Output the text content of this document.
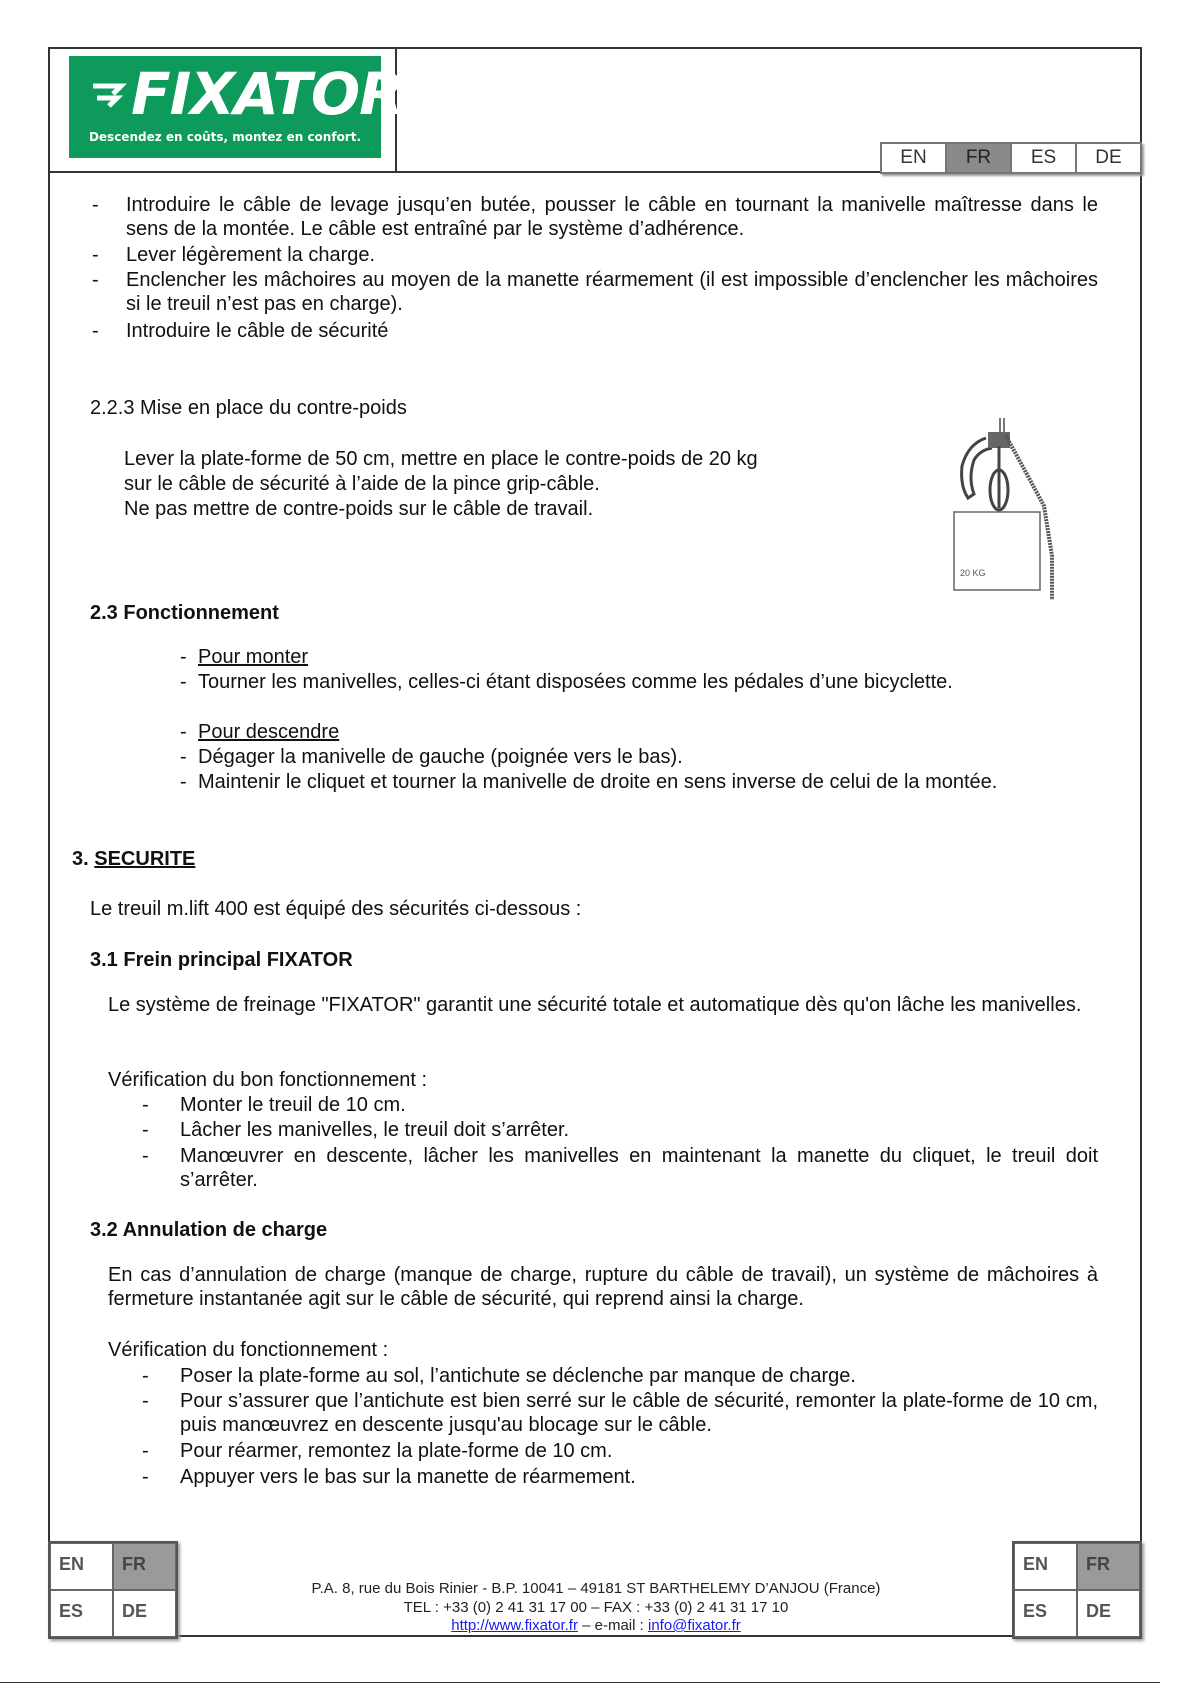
FIXATOR
Descendez en coûts, montez en confort.
EN	FR	ES	DE
- Introduire le câble de levage jusqu’en butée, pousser le câble en tournant la manivelle maîtresse dans le sens de la montée. Le câble est entraîné par le système d’adhérence.
- Lever légèrement la charge.
- Enclencher les mâchoires au moyen de la manette réarmement (il est impossible d’enclencher les mâchoires si le treuil n’est pas en charge).
- Introduire le câble de sécurité
2.2.3 Mise en place du contre-poids
Lever la plate-forme de 50 cm, mettre en place le contre-poids de 20 kg
sur le câble de sécurité à l’aide de la pince grip-câble.
Ne pas mettre de contre-poids sur le câble de travail.
20 KG
2.3 Fonctionnement
- Pour monter
- Tourner les manivelles, celles-ci étant disposées comme les pédales d’une bicyclette.
- Pour descendre
- Dégager la manivelle de gauche (poignée vers le bas).
- Maintenir le cliquet et tourner la manivelle de droite en sens inverse de celui de la montée.
3. SECURITE
Le treuil m.lift 400 est équipé des sécurités ci-dessous :
3.1 Frein principal FIXATOR
Le système de freinage "FIXATOR" garantit une sécurité totale et automatique dès qu'on lâche les manivelles.
Vérification du bon fonctionnement :
- Monter le treuil de 10 cm.
- Lâcher les manivelles, le treuil doit s’arrêter.
- Manœuvrer en descente, lâcher les manivelles en maintenant la manette du cliquet, le treuil doit s’arrêter.
3.2 Annulation de charge
En cas d’annulation de charge (manque de charge, rupture du câble de travail), un système de mâchoires à fermeture instantanée agit sur le câble de sécurité, qui reprend ainsi la charge.
Vérification du fonctionnement :
- Poser la plate-forme au sol, l’antichute se déclenche par manque de charge.
- Pour s’assurer que l’antichute est bien serré sur le câble de sécurité, remonter la plate-forme de 10 cm, puis manœuvrez en descente jusqu'au blocage sur le câble.
- Pour réarmer, remontez la plate-forme de 10 cm.
- Appuyer vers le bas sur la manette de réarmement.
EN	FR
ES	DE
EN	FR
ES	DE
P.A. 8, rue du Bois Rinier - B.P. 10041 – 49181 ST BARTHELEMY D’ANJOU (France)
TEL : +33 (0) 2 41 31 17 00 – FAX : +33 (0) 2 41 31 17 10
http://www.fixator.fr – e-mail : info@fixator.fr
